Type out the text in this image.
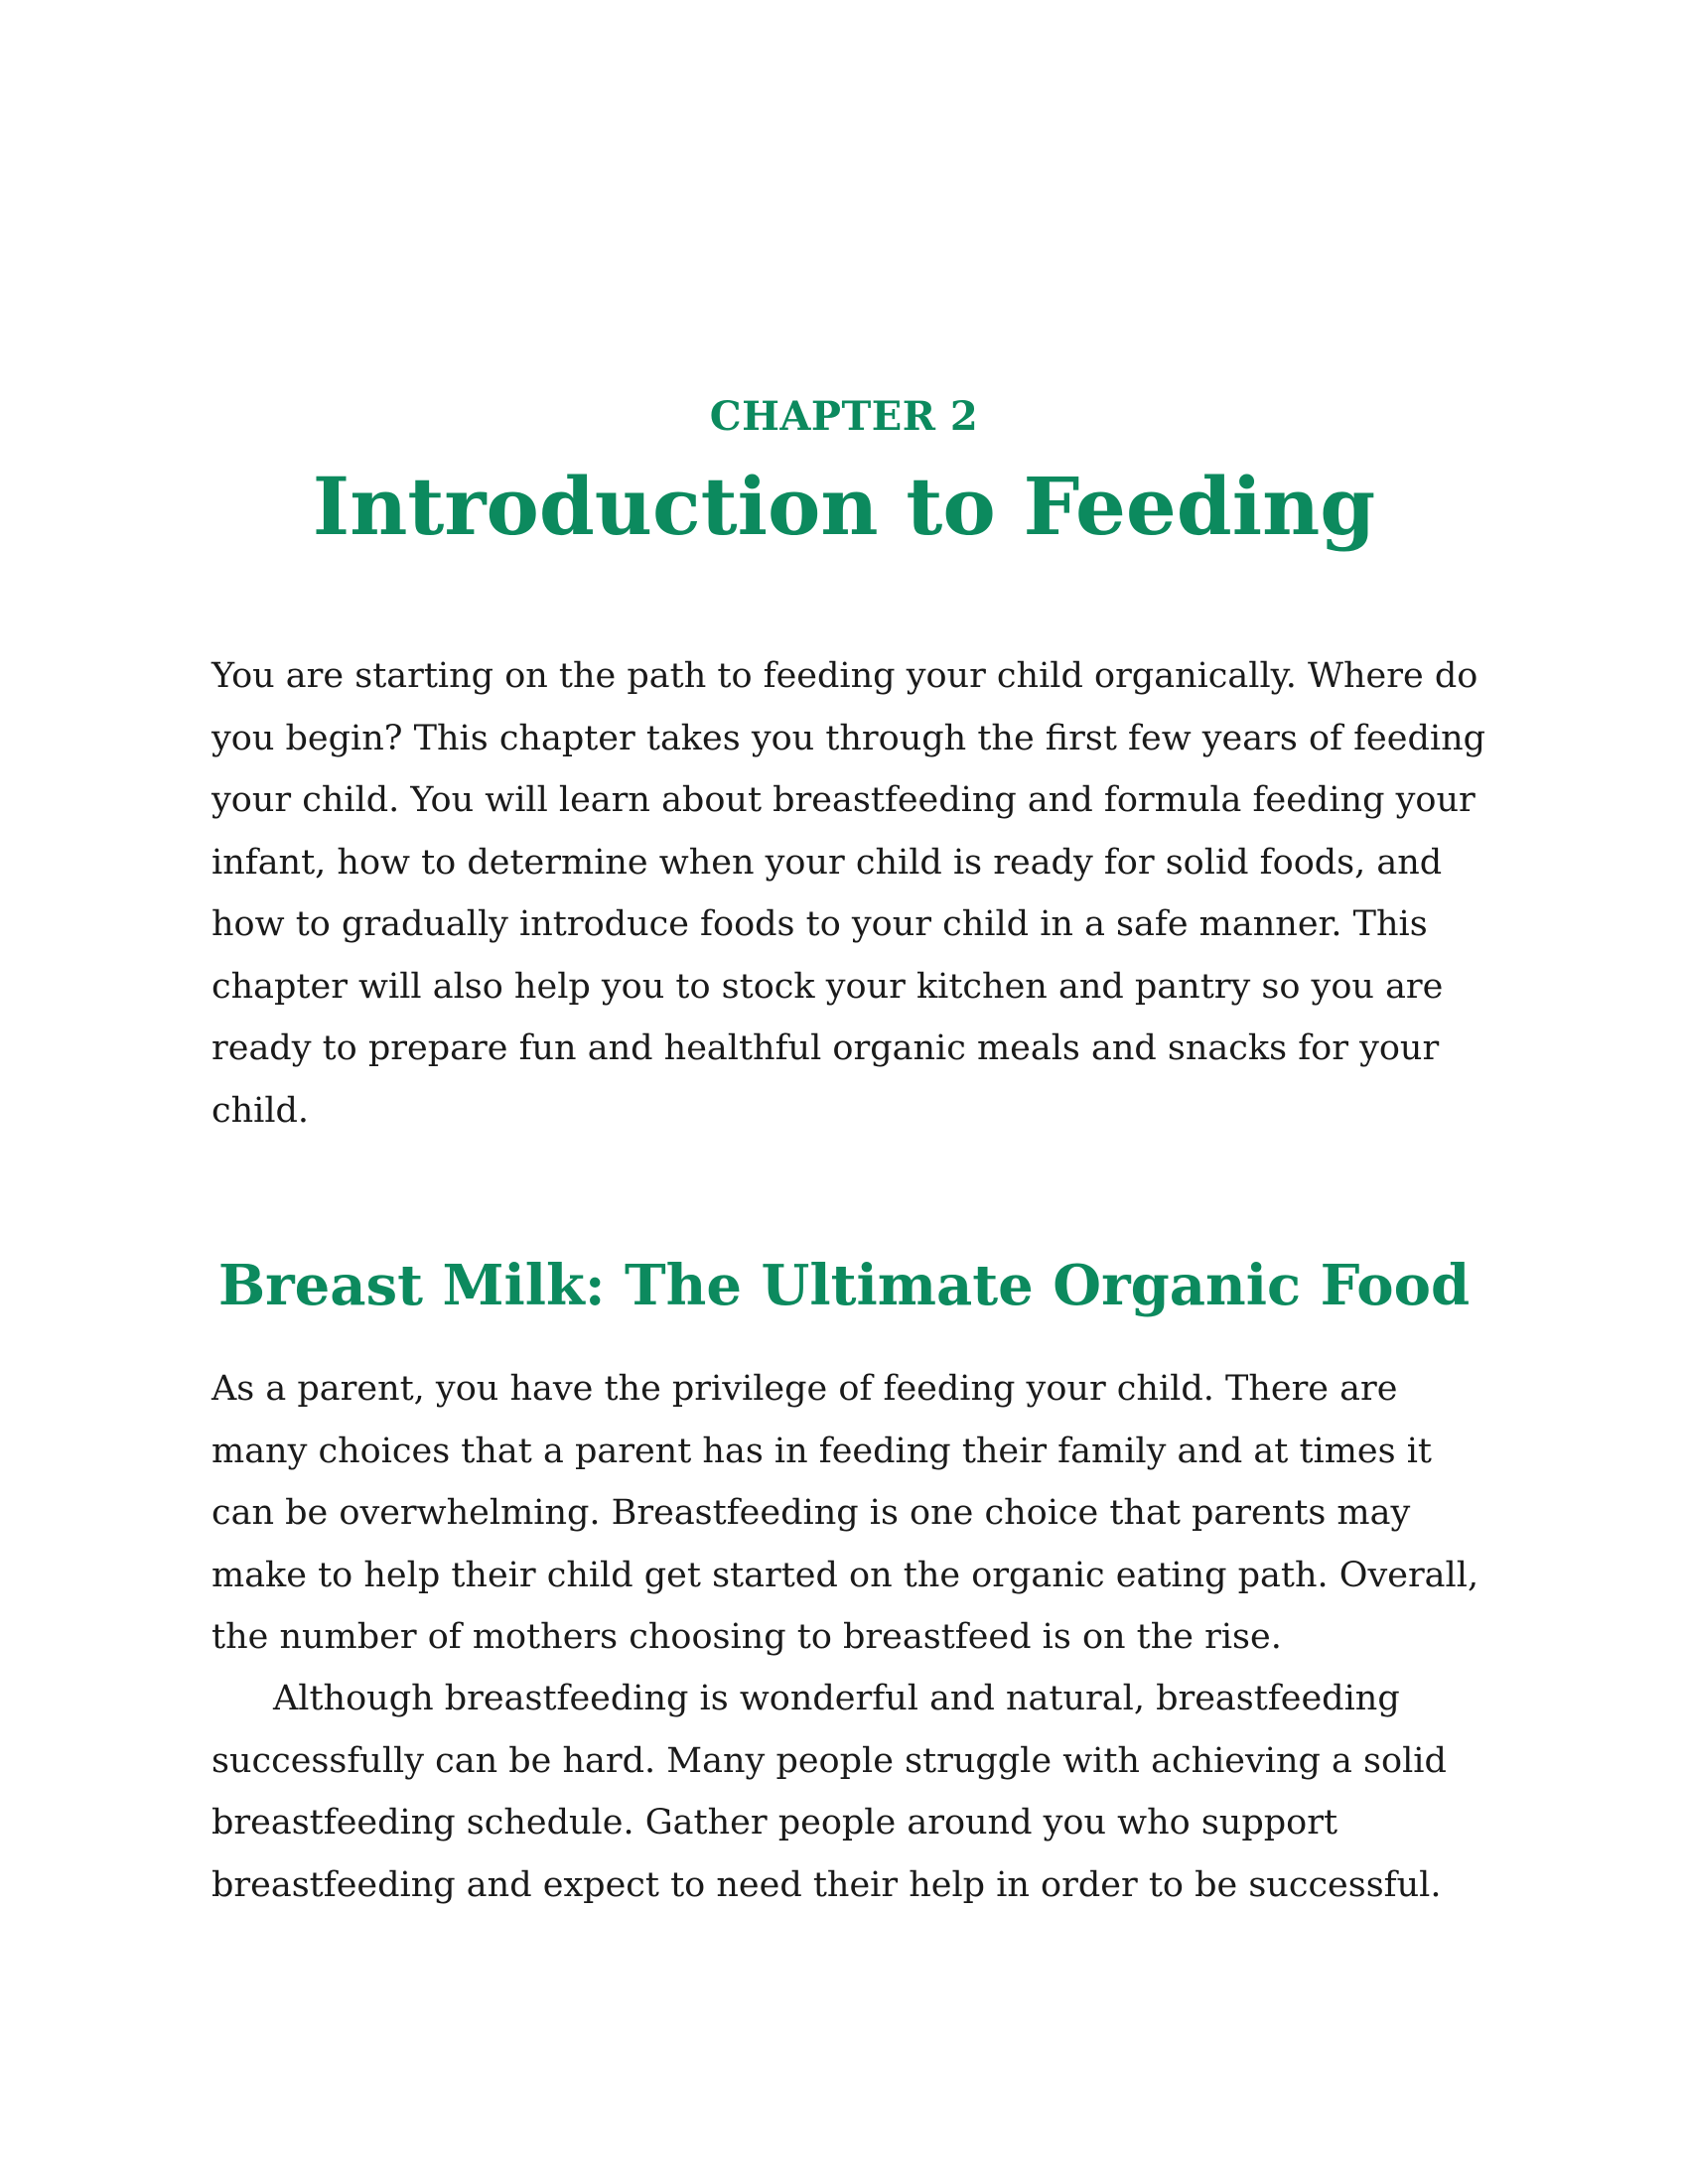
CHAPTER 2
Introduction to Feeding

You are starting on the path to feeding your child organically. Where do you begin? This chapter takes you through the first few years of feeding your child. You will learn about breastfeeding and formula feeding your infant, how to determine when your child is ready for solid foods, and how to gradually introduce foods to your child in a safe manner. This chapter will also help you to stock your kitchen and pantry so you are ready to prepare fun and healthful organic meals and snacks for your child.

Breast Milk: The Ultimate Organic Food

As a parent, you have the privilege of feeding your child. There are many choices that a parent has in feeding their family and at times it can be overwhelming. Breastfeeding is one choice that parents may make to help their child get started on the organic eating path. Overall, the number of mothers choosing to breastfeed is on the rise.

Although breastfeeding is wonderful and natural, breastfeeding successfully can be hard. Many people struggle with achieving a solid breastfeeding schedule. Gather people around you who support breastfeeding and expect to need their help in order to be successful.
